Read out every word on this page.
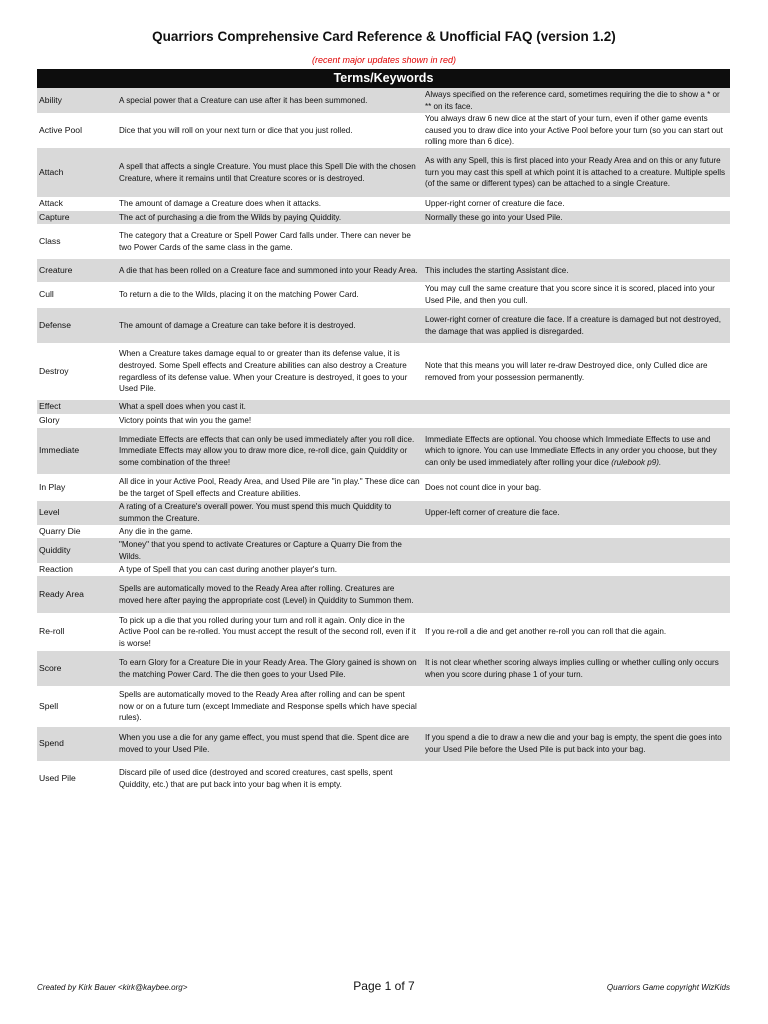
Quarriors Comprehensive Card Reference & Unofficial FAQ (version 1.2)
(recent major updates shown in red)
Terms/Keywords
Ability	A special power that a Creature can use after it has been summoned.	Always specified on the reference card, sometimes requiring the die to show a * or ** on its face.
Active Pool	Dice that you will roll on your next turn or dice that you just rolled.	You always draw 6 new dice at the start of your turn, even if other game events caused you to draw dice into your Active Pool before your turn (so you can start out rolling more than 6 dice).
Attach	A spell that affects a single Creature. You must place this Spell Die with the chosen Creature, where it remains until that Creature scores or is destroyed.	As with any Spell, this is first placed into your Ready Area and on this or any future turn you may cast this spell at which point it is attached to a creature. Multiple spells (of the same or different types) can be attached to a single Creature.
Attack	The amount of damage a Creature does when it attacks.	Upper-right corner of creature die face.
Capture	The act of purchasing a die from the Wilds by paying Quiddity.	Normally these go into your Used Pile.
Class	The category that a Creature or Spell Power Card falls under. There can never be two Power Cards of the same class in the game.	
Creature	A die that has been rolled on a Creature face and summoned into your Ready Area.	This includes the starting Assistant dice.
Cull	To return a die to the Wilds, placing it on the matching Power Card.	You may cull the same creature that you score since it is scored, placed into your Used Pile, and then you cull.
Defense	The amount of damage a Creature can take before it is destroyed.	Lower-right corner of creature die face. If a creature is damaged but not destroyed, the damage that was applied is disregarded.
Destroy	When a Creature takes damage equal to or greater than its defense value, it is destroyed. Some Spell effects and Creature abilities can also destroy a Creature regardless of its defense value. When your Creature is destroyed, it goes to your Used Pile.	Note that this means you will later re-draw Destroyed dice, only Culled dice are removed from your possession permanently.
Effect	What a spell does when you cast it.	
Glory	Victory points that win you the game!	
Immediate	Immediate Effects are effects that can only be used immediately after you roll dice. Immediate Effects may allow you to draw more dice, re-roll dice, gain Quiddity or some combination of the three!	Immediate Effects are optional. You choose which Immediate Effects to use and which to ignore. You can use Immediate Effects in any order you choose, but they can only be used immediately after rolling your dice (rulebook p9).
In Play	All dice in your Active Pool, Ready Area, and Used Pile are "in play." These dice can be the target of Spell effects and Creature abilities.	Does not count dice in your bag.
Level	A rating of a Creature's overall power. You must spend this much Quiddity to summon the Creature.	Upper-left corner of creature die face.
Quarry Die	Any die in the game.	
Quiddity	"Money" that you spend to activate Creatures or Capture a Quarry Die from the Wilds.	
Reaction	A type of Spell that you can cast during another player's turn.	
Ready Area	Spells are automatically moved to the Ready Area after rolling. Creatures are moved here after paying the appropriate cost (Level) in Quiddity to Summon them.	
Re-roll	To pick up a die that you rolled during your turn and roll it again. Only dice in the Active Pool can be re-rolled. You must accept the result of the second roll, even if it is worse!	If you re-roll a die and get another re-roll you can roll that die again.
Score	To earn Glory for a Creature Die in your Ready Area. The Glory gained is shown on the matching Power Card. The die then goes to your Used Pile.	It is not clear whether scoring always implies culling or whether culling only occurs when you score during phase 1 of your turn.
Spell	Spells are automatically moved to the Ready Area after rolling and can be spent now or on a future turn (except Immediate and Response spells which have special rules).	
Spend	When you use a die for any game effect, you must spend that die. Spent dice are moved to your Used Pile.	If you spend a die to draw a new die and your bag is empty, the spent die goes into your Used Pile before the Used Pile is put back into your bag.
Used Pile	Discard pile of used dice (destroyed and scored creatures, cast spells, spent Quiddity, etc.) that are put back into your bag when it is empty.	
Created by Kirk Bauer <kirk@kaybee.org>	Page 1 of 7	Quarriors Game copyright WizKids
